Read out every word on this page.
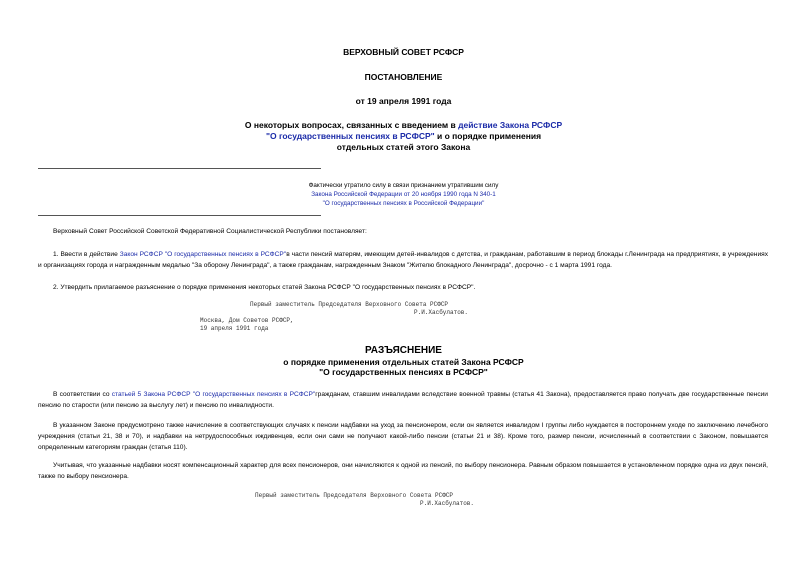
ВЕРХОВНЫЙ СОВЕТ РСФСР
ПОСТАНОВЛЕНИЕ
от 19 апреля 1991 года
О некоторых вопросах, связанных с введением в действие Закона РСФСР
"О государственных пенсиях в РСФСР" и о порядке применения
отдельных статей этого Закона
Фактически утратило силу в связи признанием утратившим силу
Закона Российской Федерации от 20 ноября 1990 года N 340-1
"О государственных пенсиях в Российской Федерации"
Верховный Совет Российской Советской Федеративной Социалистической Республики постановляет:
1. Ввести в действие Закон РСФСР "О государственных пенсиях в РСФСР"в части пенсий матерям, имеющим детей-инвалидов с детства, и гражданам, работавшим в период блокады г.Ленинграда на предприятиях, в учреждениях и организациях города и награжденным медалью "За оборону Ленинграда", а также гражданам, награжденным Знаком "Жителю блокадного Ленинграда", досрочно - с 1 марта 1991 года.
2. Утвердить прилагаемое разъяснение о порядке применения некоторых статей Закона РСФСР "О государственных пенсиях в РСФСР".
Первый заместитель Председателя Верховного Совета РСФСР
Р.И.Хасбулатов.
Москва, Дом Советов РСФСР,
19 апреля 1991 года
РАЗЪЯСНЕНИЕ
о порядке применения отдельных статей Закона РСФСР
"О государственных пенсиях в РСФСР"
В соответствии со статьей 5 Закона РСФСР "О государственных пенсиях в РСФСР"гражданам, ставшим инвалидами вследствие военной травмы (статья 41 Закона), предоставляется право получать две государственные пенсии пенсию по старости (или пенсию за выслугу лет) и пенсию по инвалидности.
В указанном Законе предусмотрено также начисление в соответствующих случаях к пенсии надбавки на уход за пенсионером, если он является инвалидом I группы либо нуждается в постороннем уходе по заключению лечебного учреждения (статьи 21, 38 и 70), и надбавки на нетрудоспособных иждивенцев, если они сами не получают какой-либо пенсии (статьи 21 и 38). Кроме того, размер пенсии, исчисленный в соответствии с Законом, повышается определенным категориям граждан (статья 110).
Учитывая, что указанные надбавки носят компенсационный характер для всех пенсионеров, они начисляются к одной из пенсий, по выбору пенсионера. Равным образом повышается в установленном порядке одна из двух пенсий, также по выбору пенсионера.
Первый заместитель Председателя Верховного Совета РСФСР
Р.И.Хасбулатов.
